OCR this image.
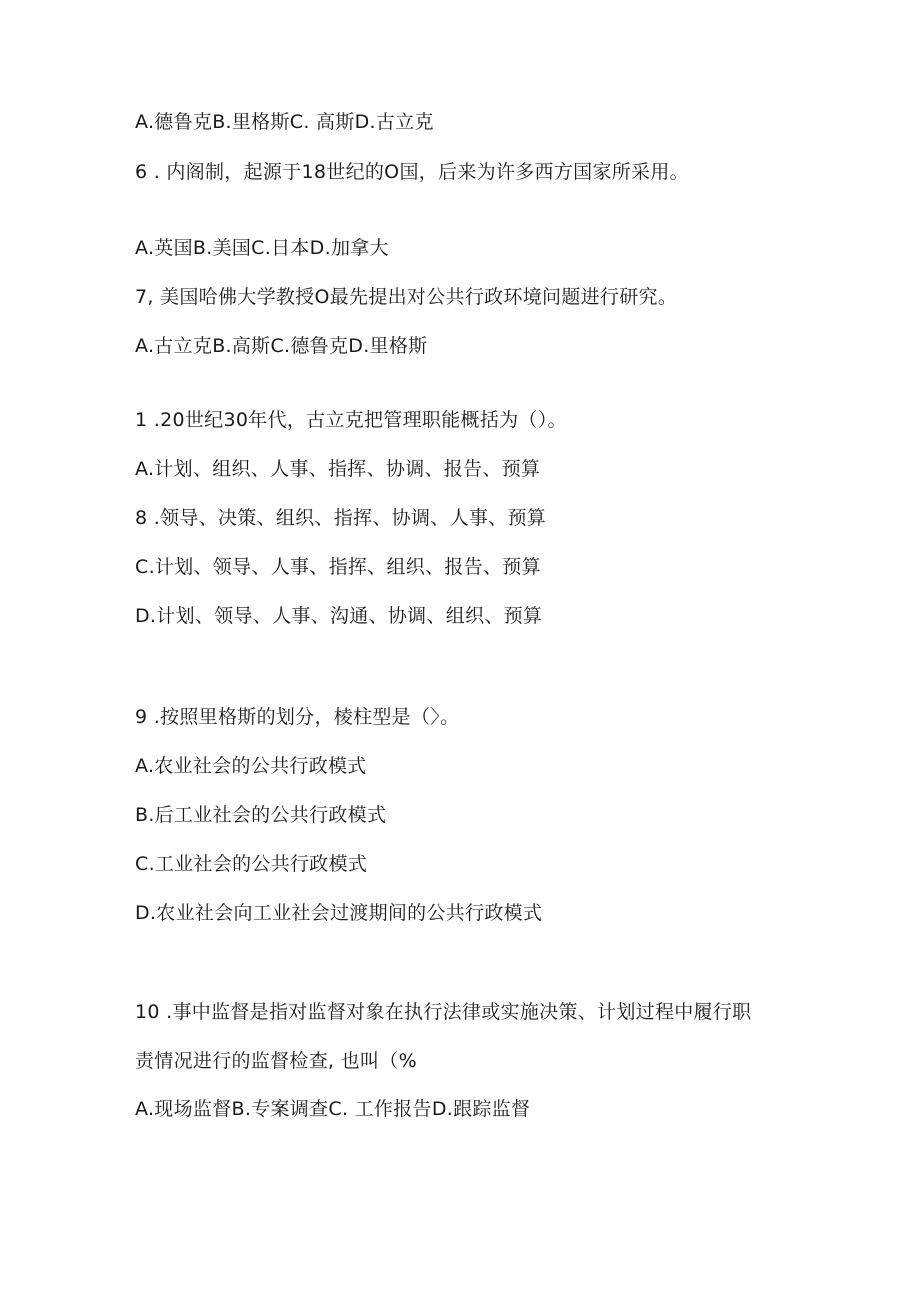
A.德鲁克B.里格斯C. 高斯D.古立克
6 . 内阁制，起源于18世纪的O国，后来为许多西方国家所采用。
A.英国B.美国C.日本D.加拿大
7, 美国哈佛大学教授O最先提出对公共行政环境问题进行研究。
A.古立克B.高斯C.德鲁克D.里格斯
1 .20世纪30年代，古立克把管理职能概括为（）。
A.计划、组织、人事、指挥、协调、报告、预算
8 .领导、决策、组织、指挥、协调、人事、预算
C.计划、领导、人事、指挥、组织、报告、预算
D.计划、领导、人事、沟通、协调、组织、预算
9 .按照里格斯的划分，棱柱型是（〉。
A.农业社会的公共行政模式
B.后工业社会的公共行政模式
C.工业社会的公共行政模式
D.农业社会向工业社会过渡期间的公共行政模式
10 .事中监督是指对监督对象在执行法律或实施决策、计划过程中履行职
责情况进行的监督检查, 也叫（%
A.现场监督B.专案调查C. 工作报告D.跟踪监督
